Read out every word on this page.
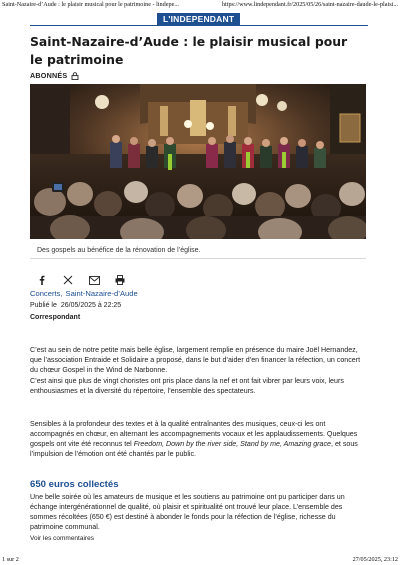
Saint-Nazaire-d’Aude : le plaisir musical pour le patrimoine - lindepe...	https://www.lindependant.fr/2025/05/26/saint-nazaire-daude-le-plaisi...
L'INDEPENDANT
Saint-Nazaire-d’Aude : le plaisir musical pour le patrimoine
ABONNÉS
Des gospels au bénéfice de la rénovation de l’église.
Concerts, Saint-Nazaire-d’Aude
Publié le 26/05/2025 à 22:25
Correspondant

C’est au sein de notre petite mais belle église, largement remplie en présence du maire Joël Hernandez, que l’association Entraide et Solidaire a proposé, dans le but d’aider d’en financer la réfection, un concert du chœur Gospel in the Wind de Narbonne.

C’est ainsi que plus de vingt choristes ont pris place dans la nef et ont fait vibrer par leurs voix, leurs enthousiasmes et la diversité du répertoire, l’ensemble des spectateurs.

Sensibles à la profondeur des textes et à la qualité entraînantes des musiques, ceux-ci les ont accompagnés en chœur, en alternant les accompagnements vocaux et les applaudissements. Quelques gospels ont vite été reconnus tel Freedom, Down by the river side, Stand by me, Amazing grace, et sous l’impulsion de l’émotion ont été chantés par le public.

650 euros collectés

Une belle soirée où les amateurs de musique et les soutiens au patrimoine ont pu participer dans un échange intergénérationnel de qualité, où plaisir et spiritualité ont trouvé leur place. L’ensemble des sommes récoltées (650 €) est destiné à abonder le fonds pour la réfection de l’église, richesse du patrimoine communal.

Voir les commentaires
1 sur 2	27/05/2025, 23:12
